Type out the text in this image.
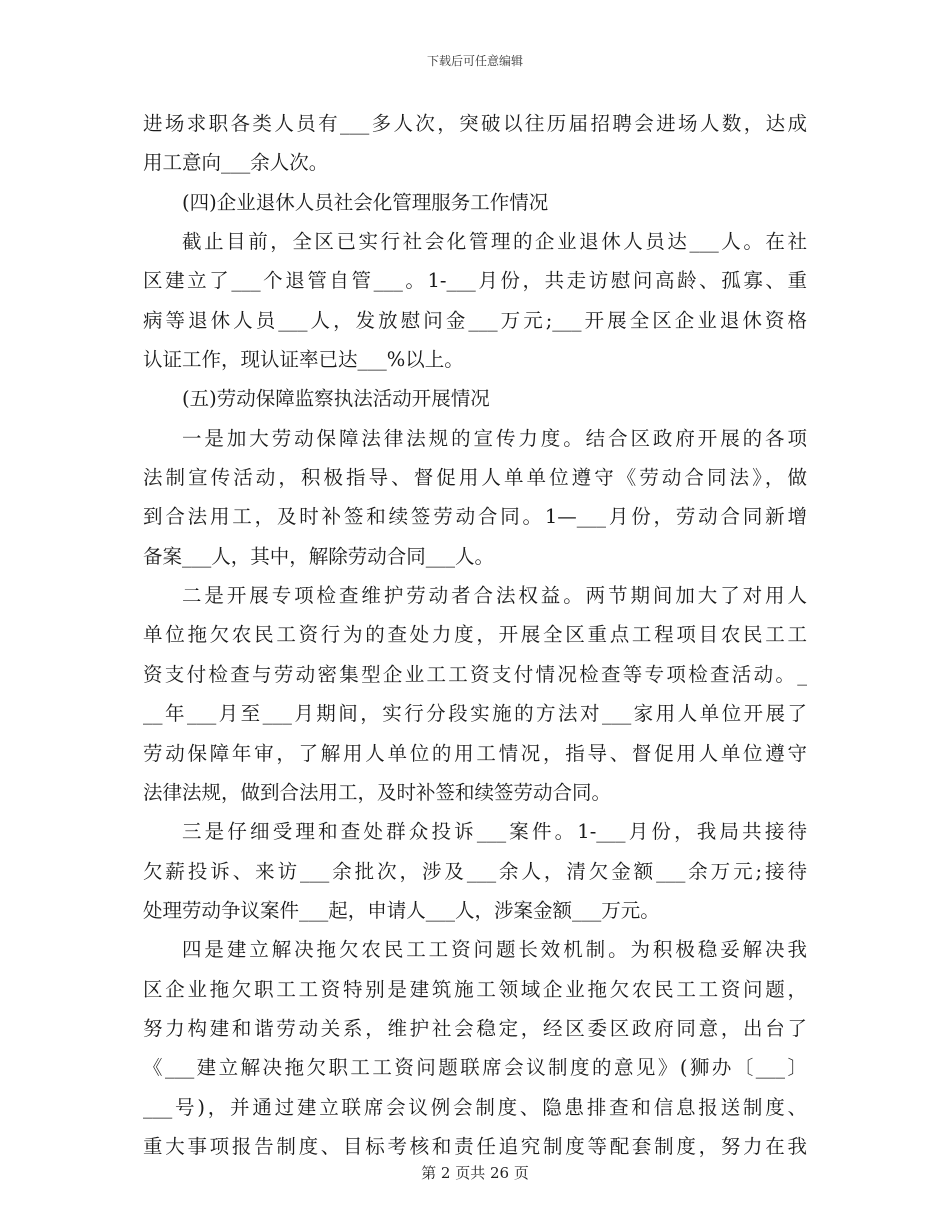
下载后可任意编辑
进场求职各类人员有___多人次，突破以往历届招聘会进场人数，达成
用工意向___余人次。
(四)企业退休人员社会化管理服务工作情况
截止目前，全区已实行社会化管理的企业退休人员达___人。在社
区建立了___个退管自管___。1-___月份，共走访慰问高龄、孤寡、重
病等退休人员___人，发放慰问金___万元;___开展全区企业退休资格
认证工作，现认证率已达___%以上。
(五)劳动保障监察执法活动开展情况
一是加大劳动保障法律法规的宣传力度。结合区政府开展的各项
法制宣传活动，积极指导、督促用人单单位遵守《劳动合同法》，做
到合法用工，及时补签和续签劳动合同。1—___月份，劳动合同新增
备案___人，其中，解除劳动合同___人。
二是开展专项检查维护劳动者合法权益。两节期间加大了对用人
单位拖欠农民工资行为的查处力度，开展全区重点工程项目农民工工
资支付检查与劳动密集型企业工工资支付情况检查等专项检查活动。_
__年___月至___月期间，实行分段实施的方法对___家用人单位开展了
劳动保障年审，了解用人单位的用工情况，指导、督促用人单位遵守
法律法规，做到合法用工，及时补签和续签劳动合同。
三是仔细受理和查处群众投诉___案件。1-___月份，我局共接待
欠薪投诉、来访___余批次，涉及___余人，清欠金额___余万元;接待
处理劳动争议案件___起，申请人___人，涉案金额___万元。
四是建立解决拖欠农民工工资问题长效机制。为积极稳妥解决我
区企业拖欠职工工资特别是建筑施工领域企业拖欠农民工工资问题，
努力构建和谐劳动关系，维护社会稳定，经区委区政府同意，出台了
《___建立解决拖欠职工工资问题联席会议制度的意见》(狮办〔___〕
___号)，并通过建立联席会议例会制度、隐患排查和信息报送制度、
重大事项报告制度、目标考核和责任追究制度等配套制度，努力在我
第 2 页共 26 页
